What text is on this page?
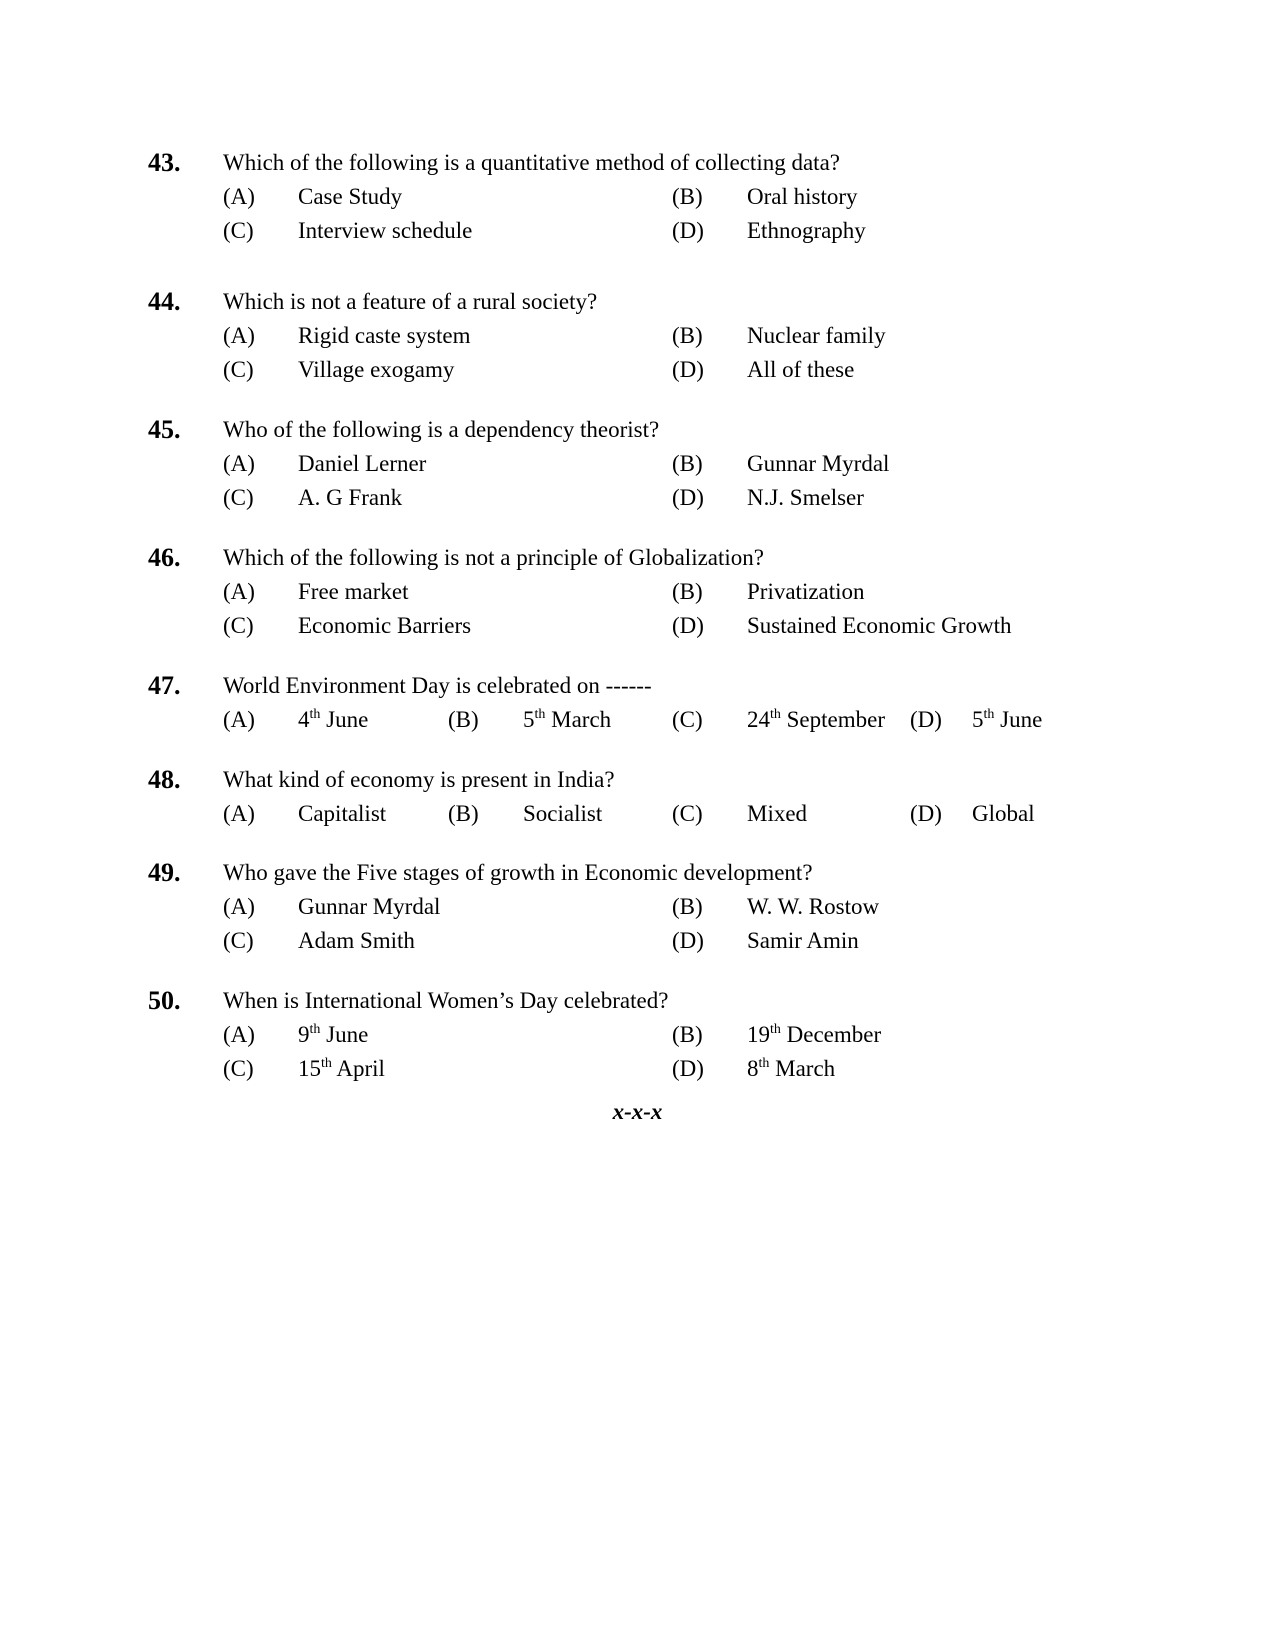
43. Which of the following is a quantitative method of collecting data?
(A)	Case Study	(B)	Oral history
(C)	Interview schedule	(D)	Ethnography
44. Which is not a feature of a rural society?
(A)	Rigid caste system	(B)	Nuclear family
(C)	Village exogamy	(D)	All of these
45. Who of the following is a dependency theorist?
(A)	Daniel Lerner	(B)	Gunnar Myrdal
(C)	A. G Frank	(D)	N.J. Smelser
46. Which of the following is not a principle of Globalization?
(A)	Free market	(B)	Privatization
(C)	Economic Barriers	(D)	Sustained Economic Growth
47. World Environment Day is celebrated on ------
(A)	4th June	(B)	5th March	(C)	24th September (D)	5th June
48. What kind of economy is present in India?
(A)	Capitalist	(B)	Socialist	(C)	Mixed	(D)	Global
49. Who gave the Five stages of growth in Economic development?
(A)	Gunnar Myrdal	(B)	W. W. Rostow
(C)	Adam Smith	(D)	Samir Amin
50. When is International Women’s Day celebrated?
(A)	9th June	(B)	19th December
(C)	15th April	(D)	8th March
x-x-x
